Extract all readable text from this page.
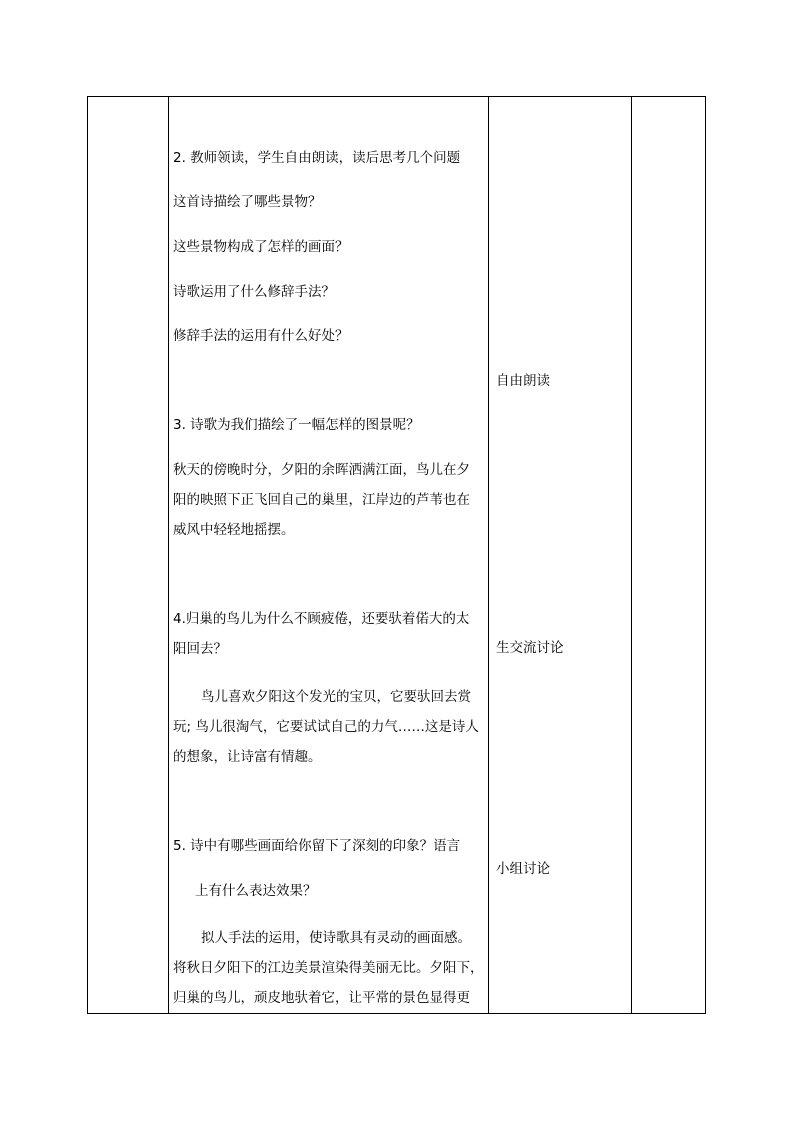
2. 教师领读，学生自由朗读，读后思考几个问题
这首诗描绘了哪些景物？
这些景物构成了怎样的画面？
诗歌运用了什么修辞手法？
修辞手法的运用有什么好处？
3. 诗歌为我们描绘了一幅怎样的图景呢？
秋天的傍晚时分，夕阳的余晖洒满江面，鸟儿在夕
阳的映照下正飞回自己的巢里，江岸边的芦苇也在
威风中轻轻地摇摆。
4.归巢的鸟儿为什么不顾疲倦，还要驮着偌大的太
阳回去？
鸟儿喜欢夕阳这个发光的宝贝，它要驮回去赏
玩; 鸟儿很淘气，它要试试自己的力气……这是诗人
的想象，让诗富有情趣。
5. 诗中有哪些画面给你留下了深刻的印象？语言
上有什么表达效果？
拟人手法的运用，使诗歌具有灵动的画面感。
将秋日夕阳下的江边美景渲染得美丽无比。夕阳下，
归巢的鸟儿，顽皮地驮着它，让平常的景色显得更
自由朗读
生交流讨论
小组讨论
